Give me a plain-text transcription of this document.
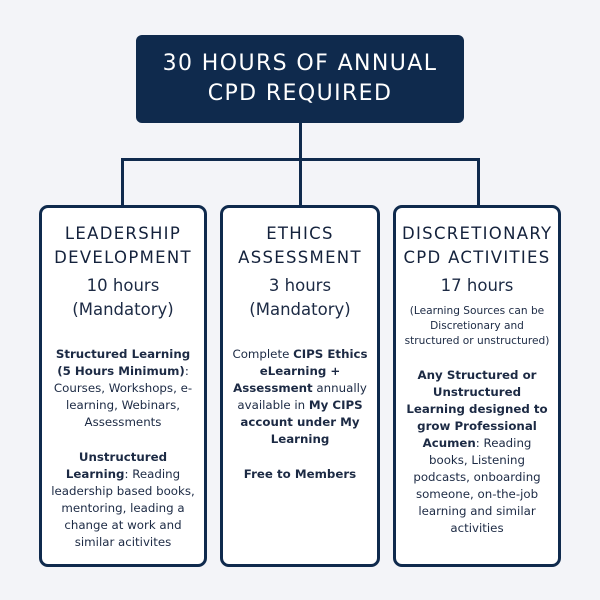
30 HOURS OF ANNUAL
CPD REQUIRED
LEADERSHIP
DEVELOPMENT
10 hours
(Mandatory)
Structured Learning (5 Hours Minimum): Courses, Workshops, e-learning, Webinars, Assessments
Unstructured Learning: Reading leadership based books, mentoring, leading a change at work and similar acitivites
ETHICS
ASSESSMENT
3 hours
(Mandatory)
Complete CIPS Ethics eLearning + Assessment annually available in My CIPS account under My Learning
Free to Members
DISCRETIONARY
CPD ACTIVITIES
17 hours
(Learning Sources can be Discretionary and structured or unstructured)
Any Structured or Unstructured Learning designed to grow Professional Acumen: Reading books, Listening podcasts, onboarding someone, on-the-job learning and similar activities
